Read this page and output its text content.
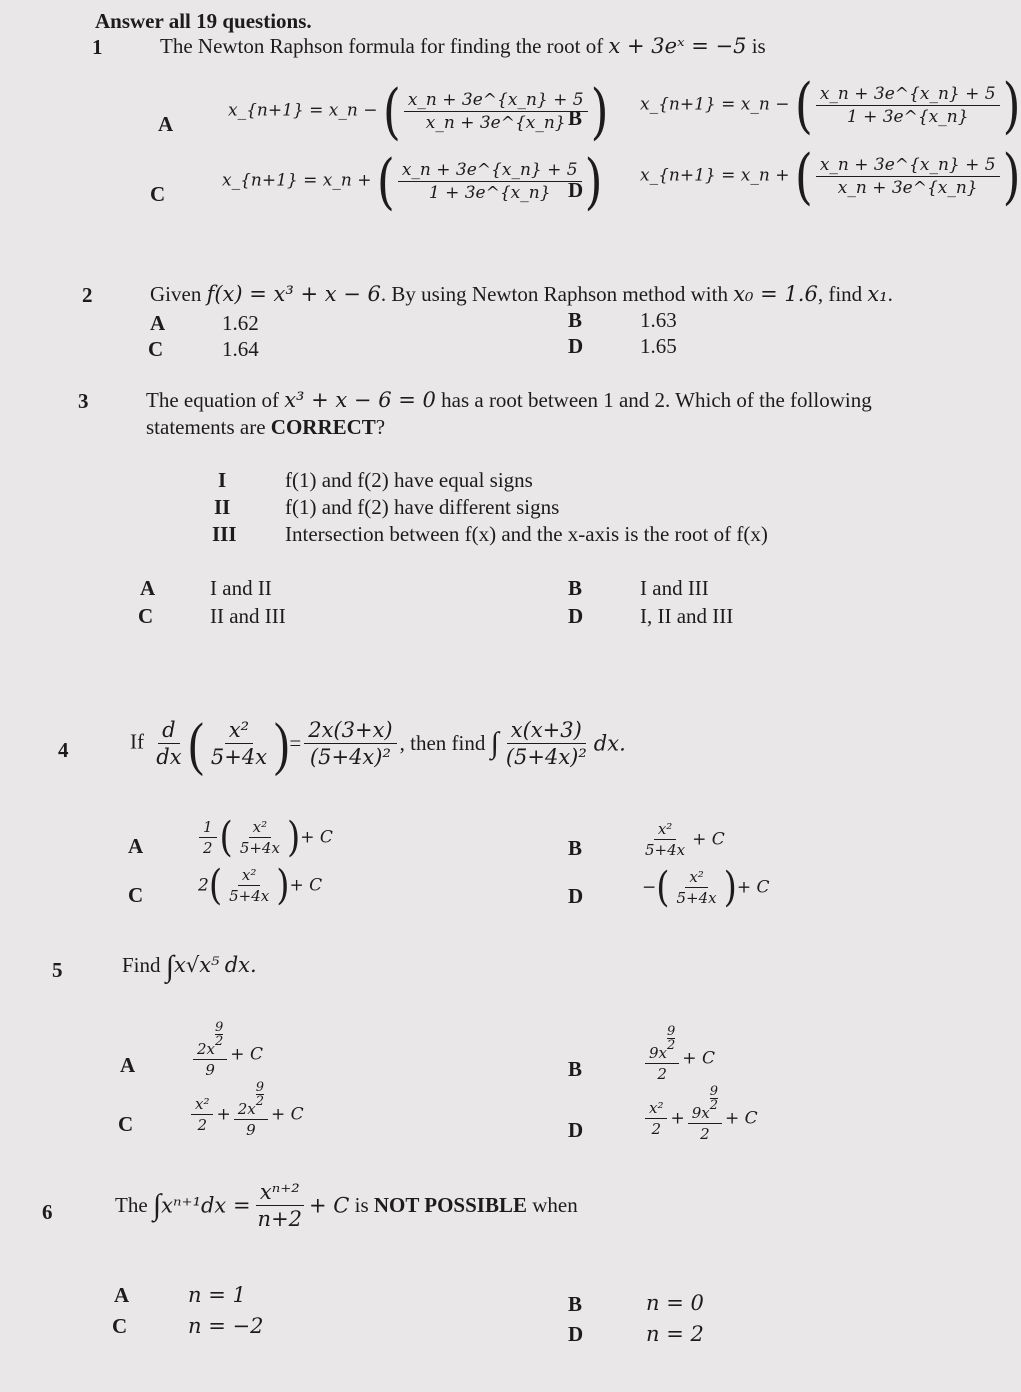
Answer all 19 questions.
1	The Newton Raphson formula for finding the root of x + 3eˣ = −5 is
A
x_{n+1} = x_n − ( $\frac{x\_n + 3e\^{}\{x\_n\} + 5}{x\_n + 3e\^{}\{x\_n\}}$ )
B
x_{n+1} = x_n − ( $\frac{x\_n + 3e\^{}\{x\_n\} + 5}{1 + 3e\^{}\{x\_n\}}$ )
C
x_{n+1} = x_n + ( $\frac{x\_n + 3e\^{}\{x\_n\} + 5}{1 + 3e\^{}\{x\_n\}}$ )
D
x_{n+1} = x_n + ( $\frac{x\_n + 3e\^{}\{x\_n\} + 5}{x\_n + 3e\^{}\{x\_n\}}$ )
2	Given f(x) = x³ + x − 6. By using Newton Raphson method with x₀ = 1.6, find x₁.
A	1.62	B	1.63
C	1.64	D	1.65
3	The equation of x³ + x − 6 = 0 has a root between 1 and 2. Which of the following
statements are CORRECT?
I	f(1) and f(2) have equal signs
II	f(1) and f(2) have different signs
III Intersection between f(x) and the x-axis is the root of f(x)
A	I and II	B	I and III
C	II and III	D	I, II and III
4	If $\frac{d}{dx}$ ( $\frac{\text{x²}}{5+4x}$ )= $\frac{2x(3+x)}{\text{(5+4x)²}}$ , then find ∫ $\frac{x(x+3)}{\text{(5+4x)²}}$ dx.
A	$\frac{1}{2}$ ( $\frac{\text{x²}}{5+4x}$ )+ C	B	$\frac{\text{x²}}{5+4x} + C$
C	$2( \frac{\text{x²}}{5+4x}$ )+ C	D	−( $\frac{\text{x²}}{5+4x}$ )+ C
5	Find ∫x√x⁵ dx.
A	2x
$\frac{9}{2}$
9 + C
B	9x
$\frac{9}{2}$
2 + C
C	$\frac{\text{x²}}{2} + 2x$
$\frac{9}{2}$
9 + C
D	$\frac{\text{x²}}{2} + 9x$
$\frac{9}{2}$
2 + C
6	The $\int x^{n+1}dx = \frac{\text{xⁿ⁺²}}{n+2} + C$ is NOT POSSIBLE when
A	n = 1	B	n = 0
C	n = −2	D	n = 2
